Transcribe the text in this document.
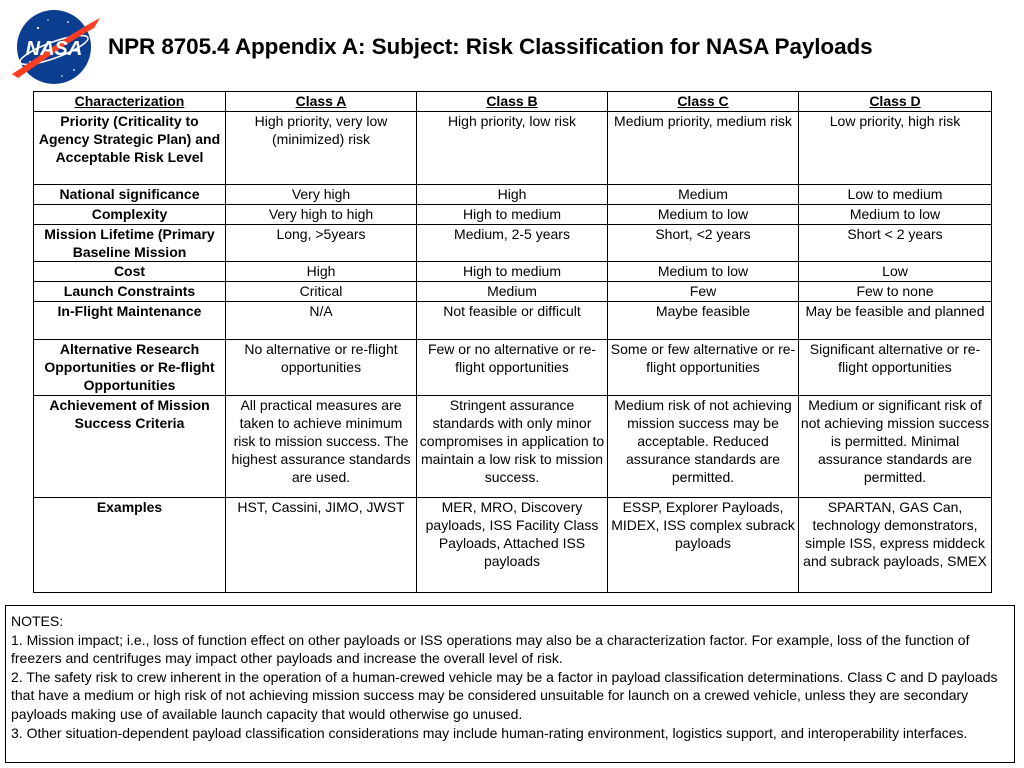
NASA NPR 8705.4 Appendix A: Subject: Risk Classification for NASA Payloads
Characterization	Class A	Class B	Class C	Class D
Priority (Criticality to Agency Strategic Plan) and Acceptable Risk Level	High priority, very low (minimized) risk	High priority, low risk	Medium priority, medium risk	Low priority, high risk
National significance	Very high	High	Medium	Low to medium
Complexity	Very high to high	High to medium	Medium to low	Medium to low
Mission Lifetime (Primary Baseline Mission	Long, >5years	Medium, 2-5 years	Short, <2 years	Short < 2 years
Cost	High	High to medium	Medium to low	Low
Launch Constraints	Critical	Medium	Few	Few to none
In-Flight Maintenance	N/A	Not feasible or difficult	Maybe feasible	May be feasible and planned
Alternative Research Opportunities or Re-flight Opportunities	No alternative or re-flight opportunities	Few or no alternative or re-flight opportunities	Some or few alternative or re-flight opportunities	Significant alternative or re-flight opportunities
Achievement of Mission Success Criteria	All practical measures are taken to achieve minimum risk to mission success. The highest assurance standards are used.	Stringent assurance standards with only minor compromises in application to maintain a low risk to mission success.	Medium risk of not achieving mission success may be acceptable. Reduced assurance standards are permitted.	Medium or significant risk of not achieving mission success is permitted. Minimal assurance standards are permitted.
Examples	HST, Cassini, JIMO, JWST	MER, MRO, Discovery payloads, ISS Facility Class Payloads, Attached ISS payloads	ESSP, Explorer Payloads, MIDEX, ISS complex subrack payloads	SPARTAN, GAS Can, technology demonstrators, simple ISS, express middeck and subrack payloads, SMEX
NOTES:
1. Mission impact; i.e., loss of function effect on other payloads or ISS operations may also be a characterization factor. For example, loss of the function of freezers and centrifuges may impact other payloads and increase the overall level of risk.
2. The safety risk to crew inherent in the operation of a human-crewed vehicle may be a factor in payload classification determinations. Class C and D payloads that have a medium or high risk of not achieving mission success may be considered unsuitable for launch on a crewed vehicle, unless they are secondary payloads making use of available launch capacity that would otherwise go unused.
3. Other situation-dependent payload classification considerations may include human-rating environment, logistics support, and interoperability interfaces.
